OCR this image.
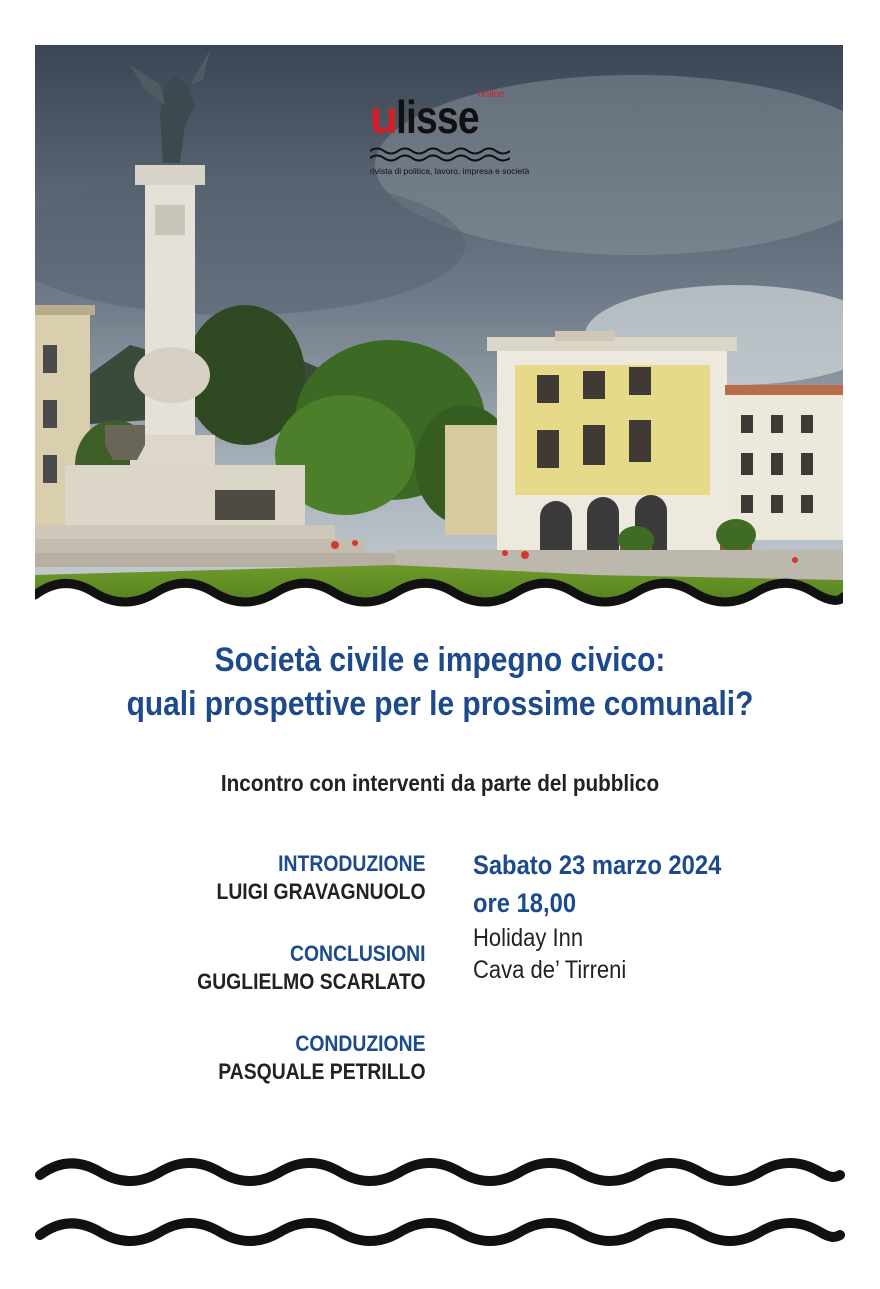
u
lisse online
rivista di politica, lavoro, impresa e società
Società civile e impegno civico:
quali prospettive per le prossime comunali?
Incontro con interventi da parte del pubblico
INTRODUZIONE
LUIGI GRAVAGNUOLO
CONCLUSIONI
GUGLIELMO SCARLATO
CONDUZIONE
PASQUALE PETRILLO
Sabato 23 marzo 2024
ore 18,00
Holiday Inn
Cava de’ Tirreni
